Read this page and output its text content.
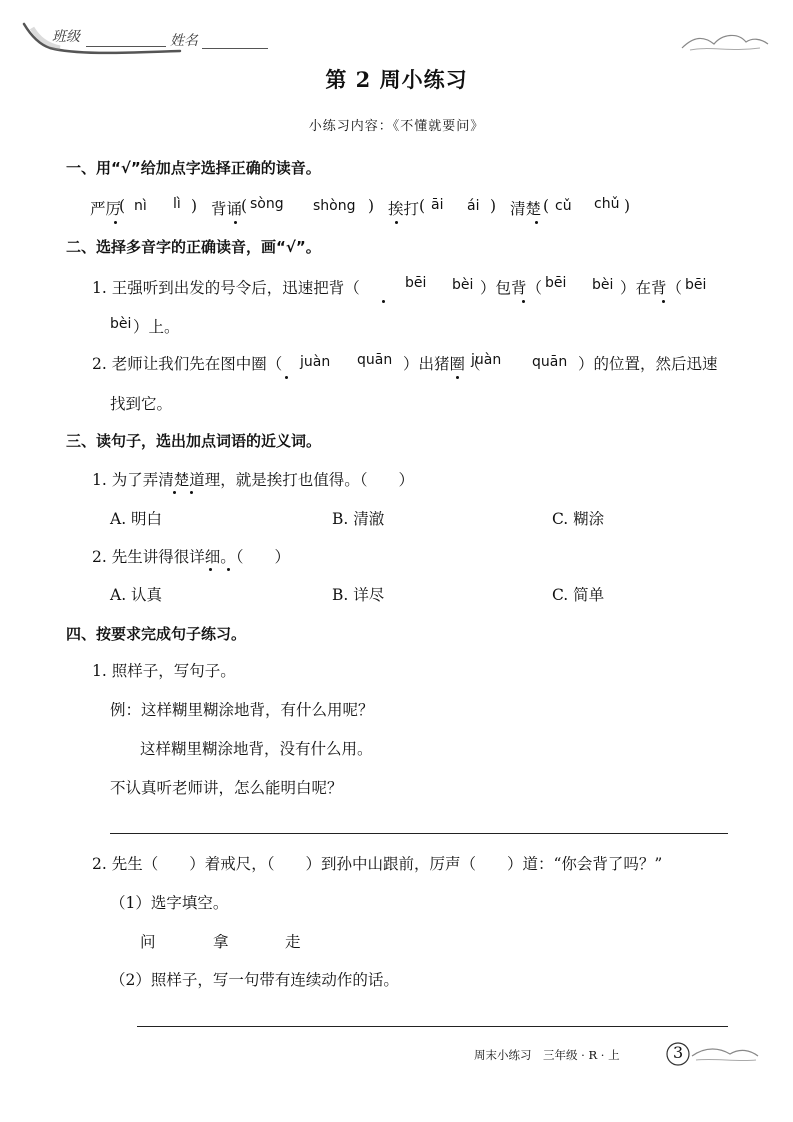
班级	姓名
第 2 周小练习
小练习内容：《不懂就要问》
一、用“√”给加点字选择正确的读音。
严厉
( nì lì ) 背诵
( sòng shòng ) 挨打 ( āi ái ) 清楚 ( cǔ chǔ )
二、选择多音字的正确读音，画“√”。
1. 王强听到出发的号令后，迅速把背（	bēi bèi ）包背（ bēi bèi ）在背（ bēi
bèi ）上。
2. 老师让我们先在图中圈（ juàn quān ）出猪圈（
juàn quān ）的位置，然后迅速
找到它。
三、读句子，选出加点词语的近义词。
1. 为了弄清楚道理，就是挨打也值得。（　　）
A. 明白	B. 清澈	C. 糊涂
2. 先生讲得很详细。（　　）
A. 认真	B. 详尽	C. 简单
四、按要求完成句子练习。
1. 照样子，写句子。
例：这样糊里糊涂地背，有什么用呢？
这样糊里糊涂地背，没有什么用。
不认真听老师讲，怎么能明白呢？
2. 先生（　　）着戒尺，（　　）到孙中山跟前，厉声（　　）道：“你会背了吗？”
（1）选字填空。
问	拿	走
（2）照样子，写一句带有连续动作的话。
周末小练习　三年级 · R · 上	3
